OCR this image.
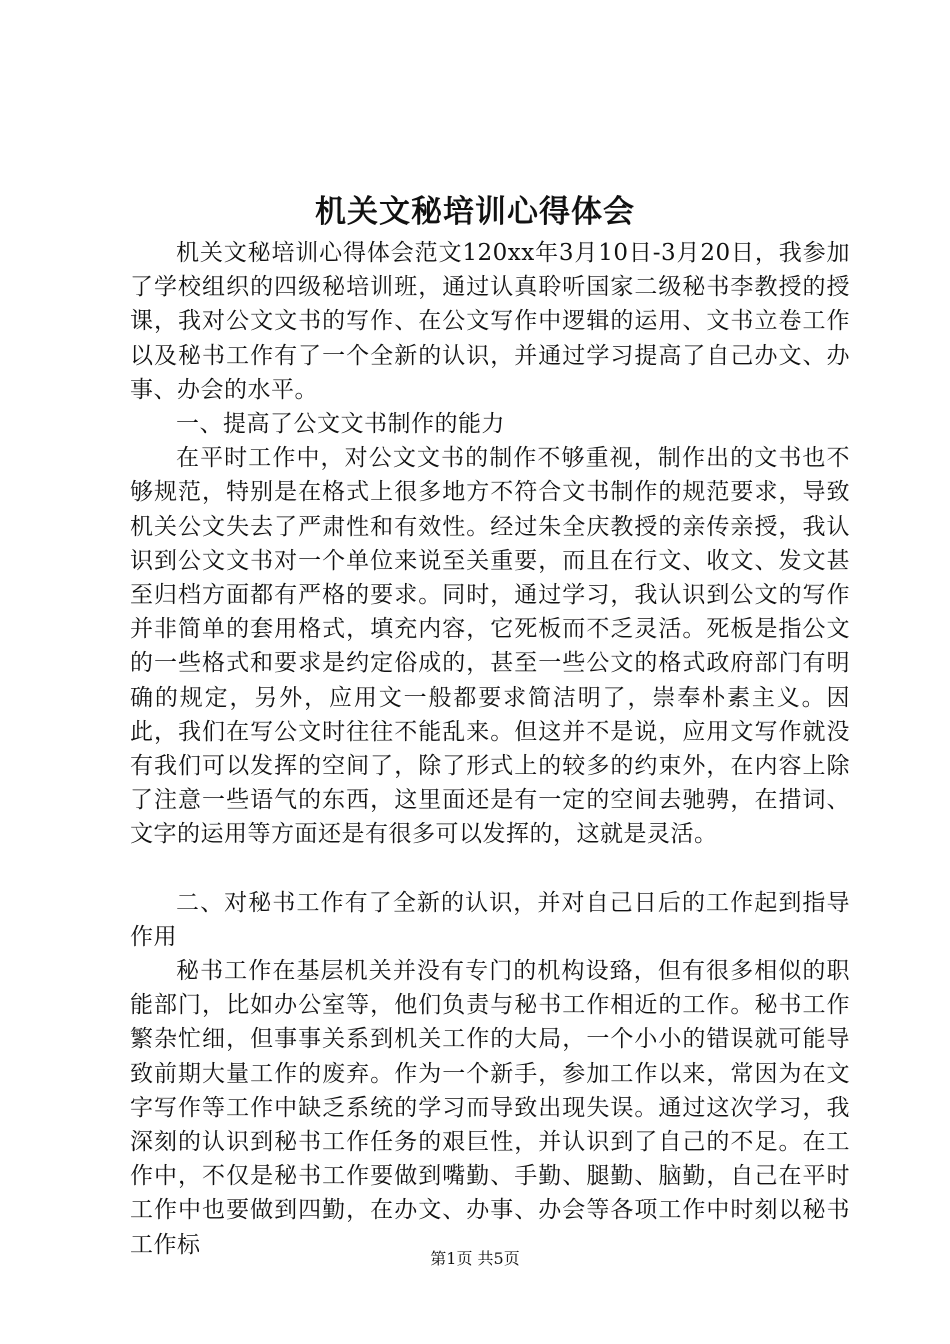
机关文秘培训心得体会

机关文秘培训心得体会范文120xx年3月10日-3月20日，我参加了学校组织的四级秘培训班，通过认真聆听国家二级秘书李教授的授课，我对公文文书的写作、在公文写作中逻辑的运用、文书立卷工作以及秘书工作有了一个全新的认识，并通过学习提高了自己办文、办事、办会的水平。

一、提高了公文文书制作的能力

在平时工作中，对公文文书的制作不够重视，制作出的文书也不够规范，特别是在格式上很多地方不符合文书制作的规范要求，导致机关公文失去了严肃性和有效性。经过朱全庆教授的亲传亲授，我认识到公文文书对一个单位来说至关重要，而且在行文、收文、发文甚至归档方面都有严格的要求。同时，通过学习，我认识到公文的写作并非简单的套用格式，填充内容，它死板而不乏灵活。死板是指公文的一些格式和要求是约定俗成的，甚至一些公文的格式政府部门有明确的规定，另外，应用文一般都要求简洁明了，崇奉朴素主义。因此，我们在写公文时往往不能乱来。但这并不是说，应用文写作就没有我们可以发挥的空间了，除了形式上的较多的约束外，在内容上除了注意一些语气的东西，这里面还是有一定的空间去驰骋，在措词、文字的运用等方面还是有很多可以发挥的，这就是灵活。

二、对秘书工作有了全新的认识，并对自己日后的工作起到指导作用

秘书工作在基层机关并没有专门的机构设臵，但有很多相似的职能部门，比如办公室等，他们负责与秘书工作相近的工作。秘书工作繁杂忙细，但事事关系到机关工作的大局，一个小小的错误就可能导致前期大量工作的废弃。作为一个新手，参加工作以来，常因为在文字写作等工作中缺乏系统的学习而导致出现失误。通过这次学习，我深刻的认识到秘书工作任务的艰巨性，并认识到了自己的不足。在工作中，不仅是秘书工作要做到嘴勤、手勤、腿勤、脑勤，自己在平时工作中也要做到四勤，在办文、办事、办会等各项工作中时刻以秘书工作标

第1页 共5页
